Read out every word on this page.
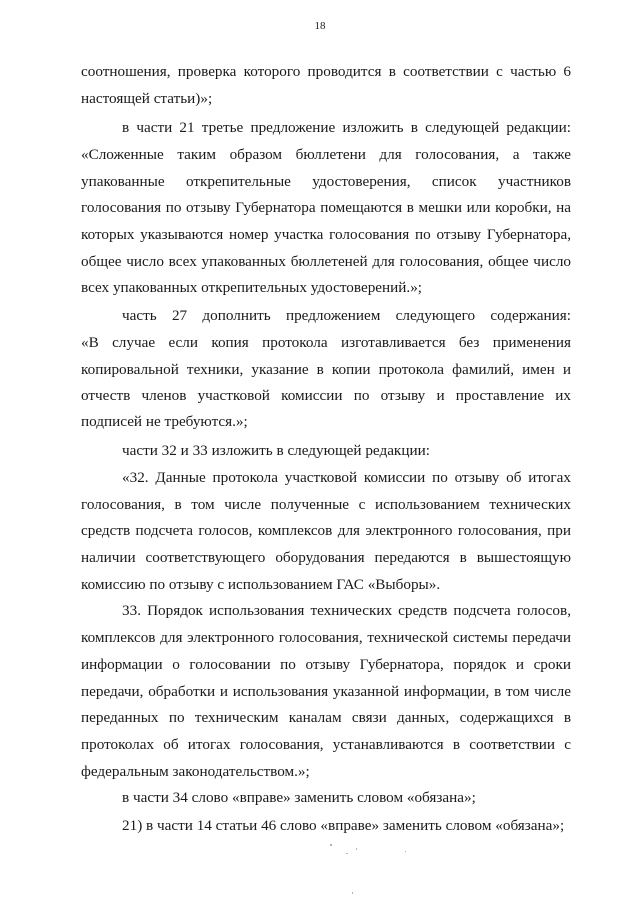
18
соотношения, проверка которого проводится в соответствии с частью 6
настоящей статьи)»;
в части 21 третье предложение изложить в следующей редакции:
«Сложенные таким образом бюллетени для голосования, а также
упакованные открепительные удостоверения, список участников
голосования по отзыву Губернатора помещаются в мешки или коробки, на
которых указываются номер участка голосования по отзыву Губернатора,
общее число всех упакованных бюллетеней для голосования, общее число
всех упакованных открепительных удостоверений.»;
часть 27 дополнить предложением следующего содержания:
«В случае если копия протокола изготавливается без применения
копировальной техники, указание в копии протокола фамилий, имен и
отчеств членов участковой комиссии по отзыву и проставление их
подписей не требуются.»;
части 32 и 33 изложить в следующей редакции:
«32. Данные протокола участковой комиссии по отзыву об итогах
голосования, в том числе полученные с использованием технических
средств подсчета голосов, комплексов для электронного голосования, при
наличии соответствующего оборудования передаются в вышестоящую
комиссию по отзыву с использованием ГАС «Выборы».
33. Порядок использования технических средств подсчета голосов,
комплексов для электронного голосования, технической системы передачи
информации о голосовании по отзыву Губернатора, порядок и сроки
передачи, обработки и использования указанной информации, в том числе
переданных по техническим каналам связи данных, содержащихся в
протоколах об итогах голосования, устанавливаются в соответствии с
федеральным законодательством.»;
в части 34 слово «вправе» заменить словом «обязана»;
21) в части 14 статьи 46 слово «вправе» заменить словом «обязана»;
